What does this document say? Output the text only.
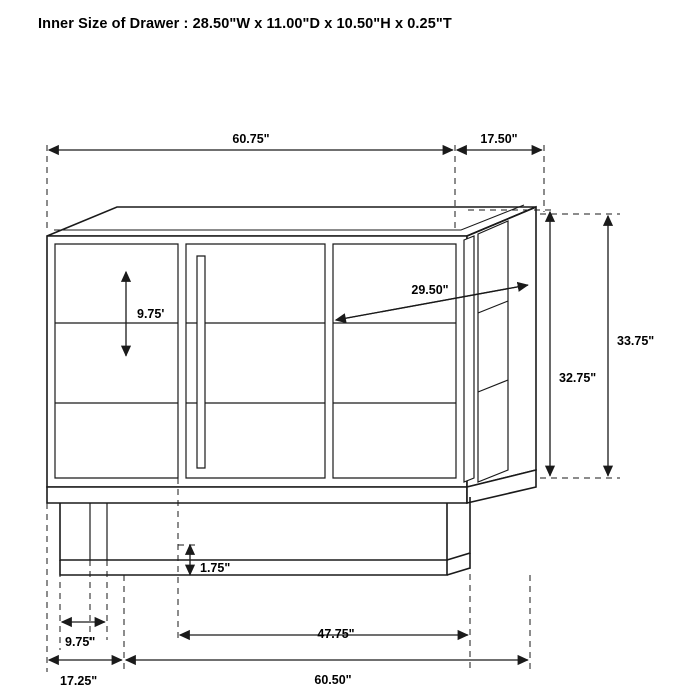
Inner Size of Drawer : 28.50"W x 11.00"D x 10.50"H x 0.25"T
60.75"	17.50"
9.75'
29.50"
33.75"
32.75"
1.75"
9.75"
47.75"
17.25"	60.50"
